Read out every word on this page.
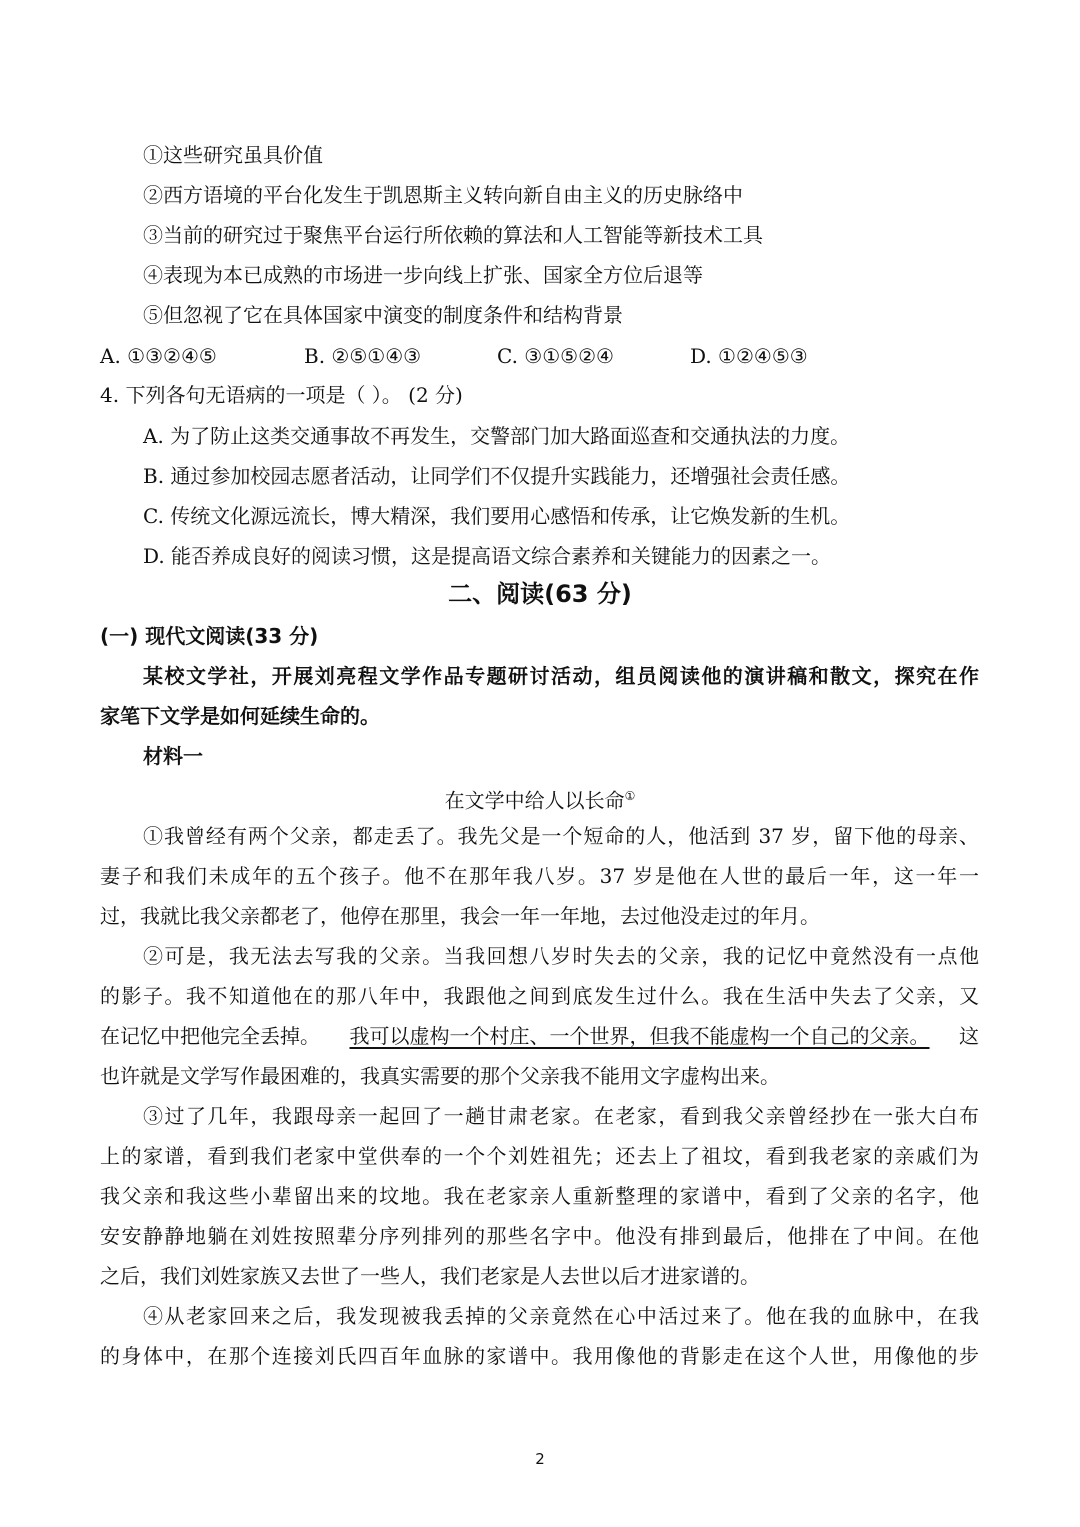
①这些研究虽具价值
②西方语境的平台化发生于凯恩斯主义转向新自由主义的历史脉络中
③当前的研究过于聚焦平台运行所依赖的算法和人工智能等新技术工具
④表现为本已成熟的市场进一步向线上扩张、国家全方位后退等
⑤但忽视了它在具体国家中演变的制度条件和结构背景
A. ①③②④⑤	B. ②⑤①④③	C. ③①⑤②④	D. ①②④⑤③
4. 下列各句无语病的一项是（ ）。 (2 分)
A. 为了防止这类交通事故不再发生，交警部门加大路面巡查和交通执法的力度。
B. 通过参加校园志愿者活动，让同学们不仅提升实践能力，还增强社会责任感。
C. 传统文化源远流长，博大精深，我们要用心感悟和传承，让它焕发新的生机。
D. 能否养成良好的阅读习惯，这是提高语文综合素养和关键能力的因素之一。
二、阅读(63 分)
(一) 现代文阅读(33 分)
某校文学社，开展刘亮程文学作品专题研讨活动，组员阅读他的演讲稿和散文，探究在作
家笔下文学是如何延续生命的。
材料一
在文学中给人以长命①
①我曾经有两个父亲，都走丢了。我先父是一个短命的人，他活到 37 岁，留下他的母亲、
妻子和我们未成年的五个孩子。他不在那年我八岁。37 岁是他在人世的最后一年，这一年一
过，我就比我父亲都老了，他停在那里，我会一年一年地，去过他没走过的年月。
②可是，我无法去写我的父亲。当我回想八岁时失去的父亲，我的记忆中竟然没有一点他
的影子。我不知道他在的那八年中，我跟他之间到底发生过什么。我在生活中失去了父亲，又
在记忆中把他完全丢掉。 我可以虚构一个村庄、一个世界，但我不能虚构一个自己的父亲。 这
也许就是文学写作最困难的，我真实需要的那个父亲我不能用文字虚构出来。
③过了几年，我跟母亲一起回了一趟甘肃老家。在老家，看到我父亲曾经抄在一张大白布
上的家谱，看到我们老家中堂供奉的一个个刘姓祖先；还去上了祖坟，看到我老家的亲戚们为
我父亲和我这些小辈留出来的坟地。我在老家亲人重新整理的家谱中，看到了父亲的名字，他
安安静静地躺在刘姓按照辈分序列排列的那些名字中。他没有排到最后，他排在了中间。在他
之后，我们刘姓家族又去世了一些人，我们老家是人去世以后才进家谱的。
④从老家回来之后，我发现被我丢掉的父亲竟然在心中活过来了。他在我的血脉中，在我
的身体中，在那个连接刘氏四百年血脉的家谱中。我用像他的背影走在这个人世，用像他的步
2
